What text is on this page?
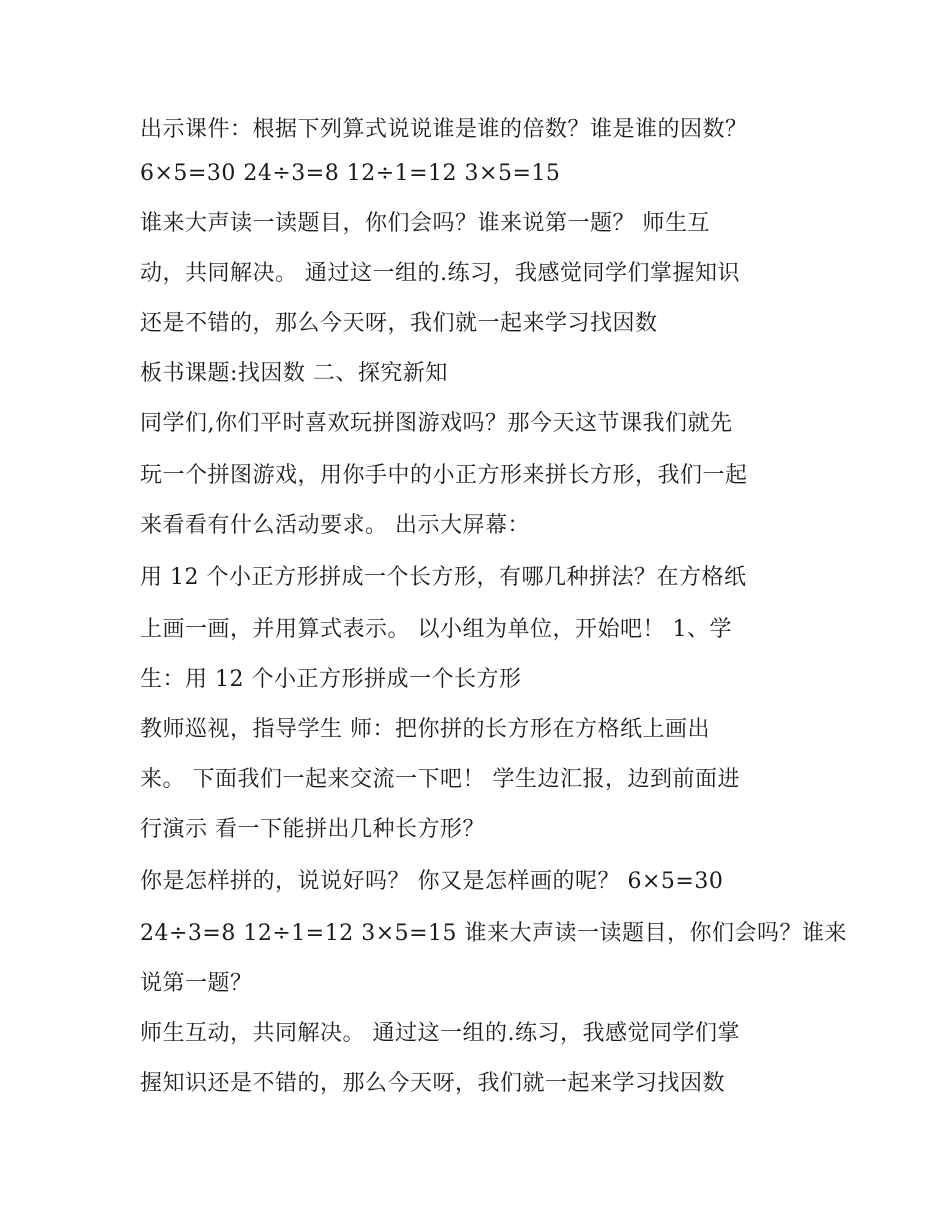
出示课件：根据下列算式说说谁是谁的倍数？谁是谁的因数？
6×5=30 24÷3=8 12÷1=12 3×5=15
谁来大声读一读题目，你们会吗？谁来说第一题？ 师生互
动，共同解决。 通过这一组的.练习，我感觉同学们掌握知识
还是不错的，那么今天呀，我们就一起来学习找因数
板书课题:找因数 二、探究新知
同学们,你们平时喜欢玩拼图游戏吗？那今天这节课我们就先
玩一个拼图游戏，用你手中的小正方形来拼长方形，我们一起
来看看有什么活动要求。 出示大屏幕：
用 12 个小正方形拼成一个长方形，有哪几种拼法？在方格纸
上画一画，并用算式表示。 以小组为单位，开始吧！ 1、学
生：用 12 个小正方形拼成一个长方形
教师巡视，指导学生 师：把你拼的长方形在方格纸上画出
来。 下面我们一起来交流一下吧！ 学生边汇报，边到前面进
行演示 看一下能拼出几种长方形？
你是怎样拼的，说说好吗？ 你又是怎样画的呢？ 6×5=30
24÷3=8 12÷1=12 3×5=15 谁来大声读一读题目，你们会吗？谁来
说第一题？
师生互动，共同解决。 通过这一组的.练习，我感觉同学们掌
握知识还是不错的，那么今天呀，我们就一起来学习找因数
